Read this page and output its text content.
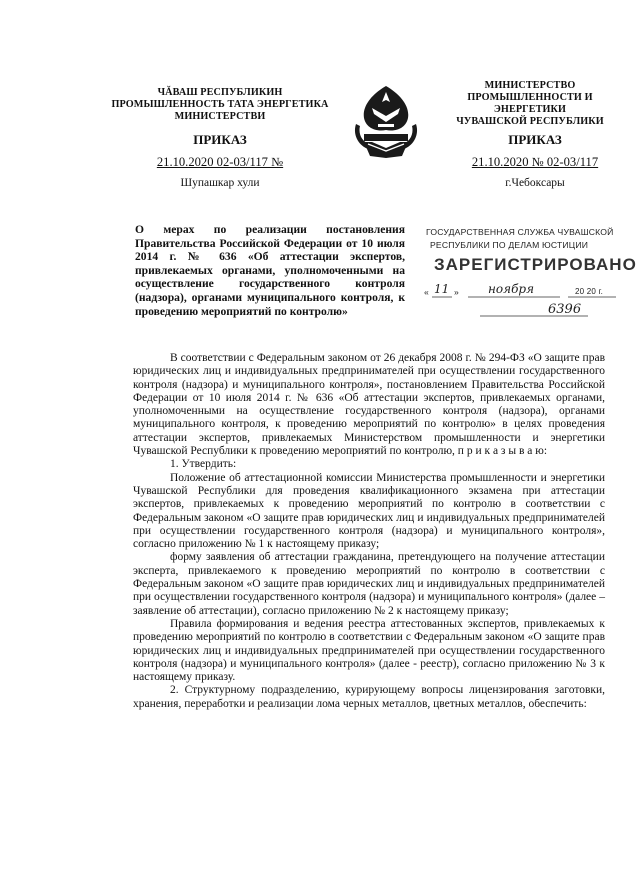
ЧĂВАШ РЕСПУБЛИКИН
ПРОМЫШЛЕННОСТЬ ТАТА ЭНЕРГЕТИКА
МИНИСТЕРСТВИ
ПРИКАЗ
21.10.2020 02-03/117 №
Шупашкар хули
МИНИСТЕРСТВО
ПРОМЫШЛЕННОСТИ И ЭНЕРГЕТИКИ
ЧУВАШСКОЙ РЕСПУБЛИКИ
ПРИКАЗ
21.10.2020 № 02-03/117
г.Чебоксары
О мерах по реализации постановления Правительства Российской Федерации от 10 июля 2014 г. № 636 «Об аттестации экспертов, привлекаемых органами, уполномоченными на осуществление государственного контроля (надзора), органами муниципального контроля, к проведению мероприятий по контролю»
ГОСУДАРСТВЕННАЯ СЛУЖБА ЧУВАШСКОЙ
РЕСПУБЛИКИ ПО ДЕЛАМ ЮСТИЦИИ
ЗАРЕГИСТРИРОВАНО
« 11 » ноября	20 20 г.
6396

В соответствии с Федеральным законом от 26 декабря 2008 г. № 294-ФЗ «О защите прав юридических лиц и индивидуальных предпринимателей при осуществлении государственного контроля (надзора) и муниципального контроля», постановлением Правительства Российской Федерации от 10 июля 2014 г. № 636 «Об аттестации экспертов, привлекаемых органами, уполномоченными на осуществление государственного контроля (надзора), органами муниципального контроля, к проведению мероприятий по контролю» в целях проведения аттестации экспертов, привлекаемых Министерством промышленности и энергетики Чувашской Республики к проведению мероприятий по контролю, п р и к а з ы в а ю:

1. Утвердить:

Положение об аттестационной комиссии Министерства промышленности и энергетики Чувашской Республики для проведения квалификационного экзамена при аттестации экспертов, привлекаемых к проведению мероприятий по контролю в соответствии с Федеральным законом «О защите прав юридических лиц и индивидуальных предпринимателей при осуществлении государственного контроля (надзора) и муниципального контроля», согласно приложению № 1 к настоящему приказу;

форму заявления об аттестации гражданина, претендующего на получение аттестации эксперта, привлекаемого к проведению мероприятий по контролю в соответствии с Федеральным законом «О защите прав юридических лиц и индивидуальных предпринимателей при осуществлении государственного контроля (надзора) и муниципального контроля» (далее – заявление об аттестации), согласно приложению № 2 к настоящему приказу;

Правила формирования и ведения реестра аттестованных экспертов, привлекаемых к проведению мероприятий по контролю в соответствии с Федеральным законом «О защите прав юридических лиц и индивидуальных предпринимателей при осуществлении государственного контроля (надзора) и муниципального контроля» (далее - реестр), согласно приложению № 3 к настоящему приказу.

2. Структурному подразделению, курирующему вопросы лицензирования заготовки, хранения, переработки и реализации лома черных металлов, цветных металлов, обеспечить:
